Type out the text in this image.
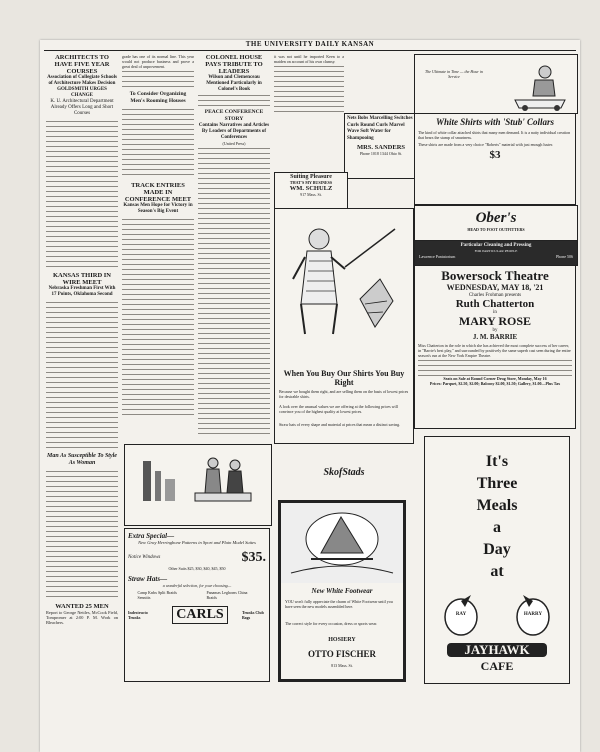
THE UNIVERSITY DAILY KANSAN
ARCHITECTS TO HAVE FIVE YEAR COURSES
Association of Collegiate Schools of Architecture Makes Decision
GOLDSMITH URGES CHANGE
K. U. Architectural Department Already Offers Long and Short Courses
KANSAS THIRD IN WIRE MEET
Nebraska Freshman First With 17 Points, Oklahoma Second
Man As Susceptible To Style As Woman
WANTED 25 MEN
Report to George Nettles, McCook Field, Tompromer at 2:00 P. M. Work on Bleachers.
grade has one of its normal line. This year would not produce business and prove a great deal of unprovement.
To Consider Organizing Men's Rooming Houses
TRACK ENTRIES MADE IN CONFERENCE MEET
Kansas Men Hope for Victory in Season's Big Event
COLONEL HOUSE PAYS TRIBUTE TO LEADERS
Wilson and Clemenceau Mentioned Particularly in Colonel's Book
PEACE CONFERENCE STORY
Contains Narratives and Articles By Leaders of Departments of Conferences
(United Press)
it was not until he imported Keen to a maiden on account of his own clumsy.
Nets Bobs Marcelling Switches Curls Round Curls Marvel Wave Soft Water for Shampooing
MRS. SANDERS
Phone 1018 1344 Ohio St.
Suiting Pleasure
THAT'S MY BUSINESS
WM. SCHULZ
917 Mass. St.
When You Buy Our Shirts You Buy Right
Because we bought them right, and are selling them on the basis of lowest prices for desirable shirts.
A look over the unusual values we are offering at the following prices will convince you of the highest quality at lowest prices.
Straw hats of every shape and material at prices that mean a distinct saving.
SkofStads
The Ultimate in Time — the Hour in Service
White Shirts with 'Stub' Collars
The kind of white collar attached shirts that many men demand. It is a natty individual creation that bears the stamp of smartness.
These shirts are made from a very choice "Roberts" material with just enough luster.
$3
Ober's
HEAD TO FOOT OUTFITTERS
Particular Cleaning and Pressing
FOR PARTICULAR PEOPLE
Lawrence Pantatorium	Phone 506
Bowersock Theatre
WEDNESDAY, MAY 18, '21
Charles Frohman presents
Ruth Chatterton
in
MARY ROSE
by
J. M. BARRIE
Miss Chatterton in the role in which she has achieved the most complete success of her career, in "Barrie's best play," and surrounded by positively the same superb cast seen during the entire season's run at the New York Empire Theatre.
Seats on Sale at Round Corner Drug Store, Monday, May 16
Prices: Parquet, $2.50, $2.00; Balcony $2.00, $1.50; Gallery, $1.00—Plus Tax
It's
Three
Meals
a
Day
at
RAY	HARRY
JAYHAWK
CAFE
Extra Special—
New Gray Herringbone Patterns in Sport and Plain Model Suites
Notice Windows	$35.
Other Suits $25, $30, $40, $45, $50
Straw Hats—
a wonderful selection, for your choosing—
Camp Knbx Split Braids Sennitts
Panamas Leghorns China Braids
Indestructo Trunks	CARLS	Trunks Club Bags
New White Footwear
YOU won't fully appreciate the charm of White Footwear until you have seen the new models assembled here.
The correct style for every occasion, dress or sports wear.
HOSIERY
OTTO FISCHER
813 Mass. St.
